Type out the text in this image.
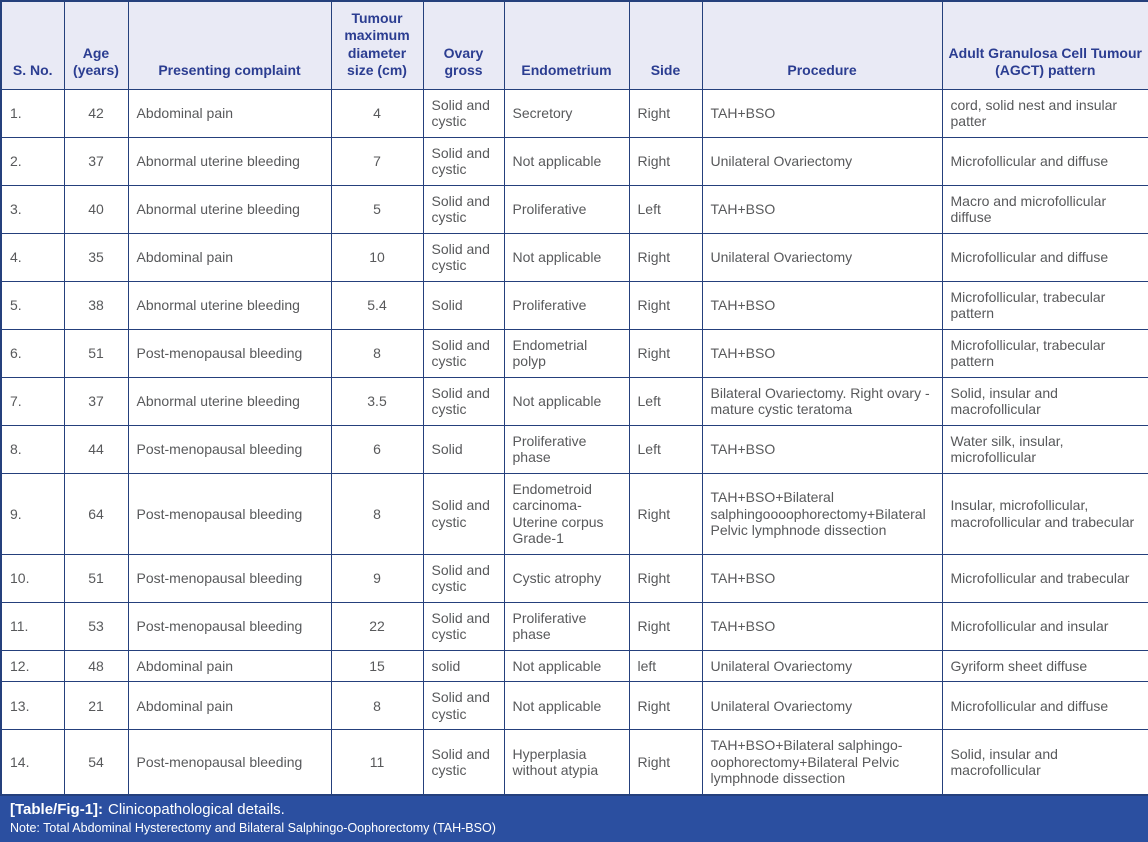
S. No.	Age (years)	Presenting complaint	Tumour maximum diameter size (cm)	Ovary gross	Endometrium	Side	Procedure	Adult Granulosa Cell Tumour (AGCT) pattern
1.	42	Abdominal pain	4	Solid and cystic	Secretory	Right	TAH+BSO	cord, solid nest and insular patter
2.	37	Abnormal uterine bleeding	7	Solid and cystic	Not applicable	Right	Unilateral Ovariectomy	Microfollicular and diffuse
3.	40	Abnormal uterine bleeding	5	Solid and cystic	Proliferative	Left	TAH+BSO	Macro and microfollicular diffuse
4.	35	Abdominal pain	10	Solid and cystic	Not applicable	Right	Unilateral Ovariectomy	Microfollicular and diffuse
5.	38	Abnormal uterine bleeding	5.4	Solid	Proliferative	Right	TAH+BSO	Microfollicular, trabecular pattern
6.	51	Post-menopausal bleeding	8	Solid and cystic	Endometrial polyp	Right	TAH+BSO	Microfollicular, trabecular pattern
7.	37	Abnormal uterine bleeding	3.5	Solid and cystic	Not applicable	Left	Bilateral Ovariectomy. Right ovary - mature cystic teratoma	Solid, insular and macrofollicular
8.	44	Post-menopausal bleeding	6	Solid	Proliferative phase	Left	TAH+BSO	Water silk, insular, microfollicular
9.	64	Post-menopausal bleeding	8	Solid and cystic	Endometroid carcinoma- Uterine corpus Grade-1	Right	TAH+BSO+Bilateral salphingoooophorectomy+Bilateral Pelvic lymphnode dissection	Insular, microfollicular, macrofollicular and trabecular
10.	51	Post-menopausal bleeding	9	Solid and cystic	Cystic atrophy	Right	TAH+BSO	Microfollicular and trabecular
11.	53	Post-menopausal bleeding	22	Solid and cystic	Proliferative phase	Right	TAH+BSO	Microfollicular and insular
12.	48	Abdominal pain	15	solid	Not applicable	left	Unilateral Ovariectomy	Gyriform sheet diffuse
13.	21	Abdominal pain	8	Solid and cystic	Not applicable	Right	Unilateral Ovariectomy	Microfollicular and diffuse
14.	54	Post-menopausal bleeding	11	Solid and cystic	Hyperplasia without atypia	Right	TAH+BSO+Bilateral salphingo-oophorectomy+Bilateral Pelvic lymphnode dissection	Solid, insular and macrofollicular
[Table/Fig-1]: Clinicopathological details.
Note: Total Abdominal Hysterectomy and Bilateral Salphingo-Oophorectomy (TAH-BSO)
